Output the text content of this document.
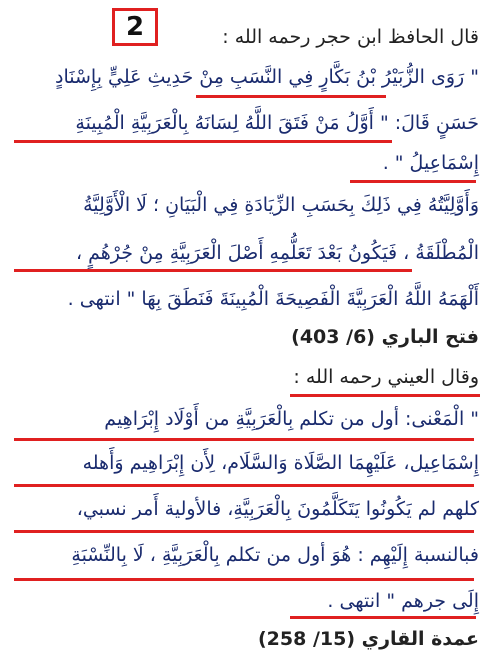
2	قال الحافظ ابن حجر رحمه الله :
" رَوَى الزُّبَيْرُ بْنُ بَكَّارٍ فِي النَّسَبِ مِنْ حَدِيثِ عَلِيٍّ بِإِسْنَادٍ
حَسَنٍ قَالَ: " أَوَّلُ مَنْ فَتَقَ اللَّهُ لِسَانَهُ بِالْعَرَبِيَّةِ الْمُبِينَةِ
إِسْمَاعِيلُ " .
وَأَوَّلِيَّتُهُ فِي ذَلِكَ بِحَسَبِ الزِّيَادَةِ فِي الْبَيَانِ ؛ لَا الْأَوَّلِيَّةُ
الْمُطْلَقَةُ ، فَيَكُونُ بَعْدَ تَعَلُّمِهِ أَصْلَ الْعَرَبِيَّةِ مِنْ جُرْهُمٍ ،
أَلْهَمَهُ اللَّهُ الْعَرَبِيَّةَ الْفَصِيحَةَ الْمُبِينَةَ فَنَطَقَ بِهَا " انتهى .
فتح الباري (6/ 403)
وقال العيني رحمه الله :
" الْمَعْنى: أول من تكلم بِالْعَرَبِيَّةِ من أَوْلَاد إِبْرَاهِيم
إِسْمَاعِيل، عَلَيْهِمَا الصَّلَاة وَالسَّلَام، لِأَن إِبْرَاهِيم وَأَهله
كلهم لم يَكُونُوا يَتَكَلَّمُونَ بِالْعَرَبِيَّةِ، فالأولية أَمر نسبي،
فبالنسبة إِلَيْهِم : هُوَ أول من تكلم بِالْعَرَبِيَّةِ ، لَا بِالنِّسْبَةِ
إِلَى جرهم " انتهى .
عمدة القاري (15/ 258)
